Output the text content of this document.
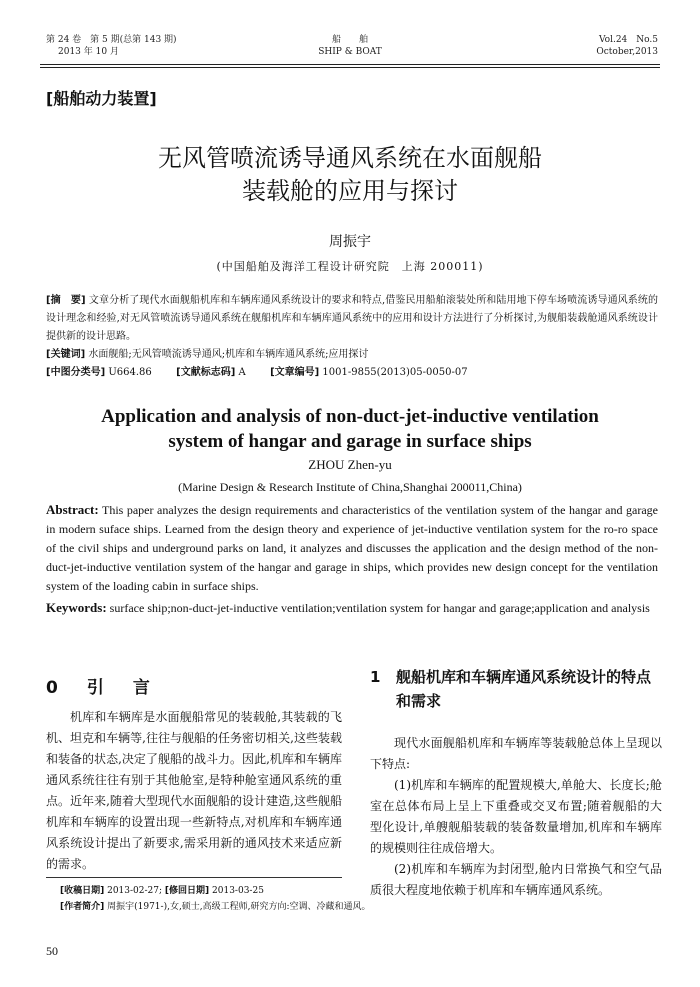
第 24 卷　第 5 期(总第 143 期)
2013 年 10 月
船　　舶
SHIP & BOAT
Vol.24　No.5
October,2013
[船舶动力装置]
无风管喷流诱导通风系统在水面舰船
装载舱的应用与探讨
周振宇
(中国船舶及海洋工程设计研究院　上海 200011)
[摘　要] 文章分析了现代水面舰船机库和车辆库通风系统设计的要求和特点,借鉴民用船舶滚装处所和陆用地下停车场喷流诱导通风系统的设计理念和经验,对无风管喷流诱导通风系统在舰船机库和车辆库通风系统中的应用和设计方法进行了分析探讨,为舰船装载舱通风系统设计提供新的设计思路。
[关键词] 水面舰船;无风管喷流诱导通风;机库和车辆库通风系统;应用探讨
[中图分类号] U664.86 [文献标志码] A [文章编号] 1001-9855(2013)05-0050-07
Application and analysis of non-duct-jet-inductive ventilation
system of hangar and garage in surface ships
ZHOU Zhen-yu
(Marine Design & Research Institute of China,Shanghai 200011,China)
Abstract: This paper analyzes the design requirements and characteristics of the ventilation system of the hangar and garage in modern suface ships. Learned from the design theory and experience of jet-inductive ventilation system for the ro-ro space of the civil ships and underground parks on land, it analyzes and discusses the application and the design method of the non-duct-jet-inductive ventilation system of the hangar and garage in ships, which provides new design concept for the ventilation system of the loading cabin in surface ships.
Keywords: surface ship;non-duct-jet-inductive ventilation;ventilation system for hangar and garage;application and analysis
0　引　言

机库和车辆库是水面舰船常见的装载舱,其装载的飞机、坦克和车辆等,往往与舰船的任务密切相关,这些装载和装备的状态,决定了舰船的战斗力。因此,机库和车辆库通风系统往往有别于其他舱室,是特种舱室通风系统的重点。近年来,随着大型现代水面舰船的设计建造,这些舰船机库和车辆库的设置出现一些新特点,对机库和车辆库通风系统设计提出了新要求,需采用新的通风技术来适应新的需求。

1 舰船机库和车辆库通风系统设计的特点和需求

现代水面舰船机库和车辆库等装载舱总体上呈现以下特点:

(1)机库和车辆库的配置规模大,单舱大、长度长;舱室在总体布局上呈上下重叠或交叉布置;随着舰船的大型化设计,单艘舰船装载的装备数量增加,机库和车辆库的规模则往往成倍增大。

(2)机库和车辆库为封闭型,舱内日常换气和空气品质很大程度地依赖于机库和车辆库通风系统。

[收稿日期] 2013-02-27; [修回日期] 2013-03-25
[作者简介] 周振宇(1971-),女,硕士,高级工程师,研究方向:空调、冷藏和通风。
50
